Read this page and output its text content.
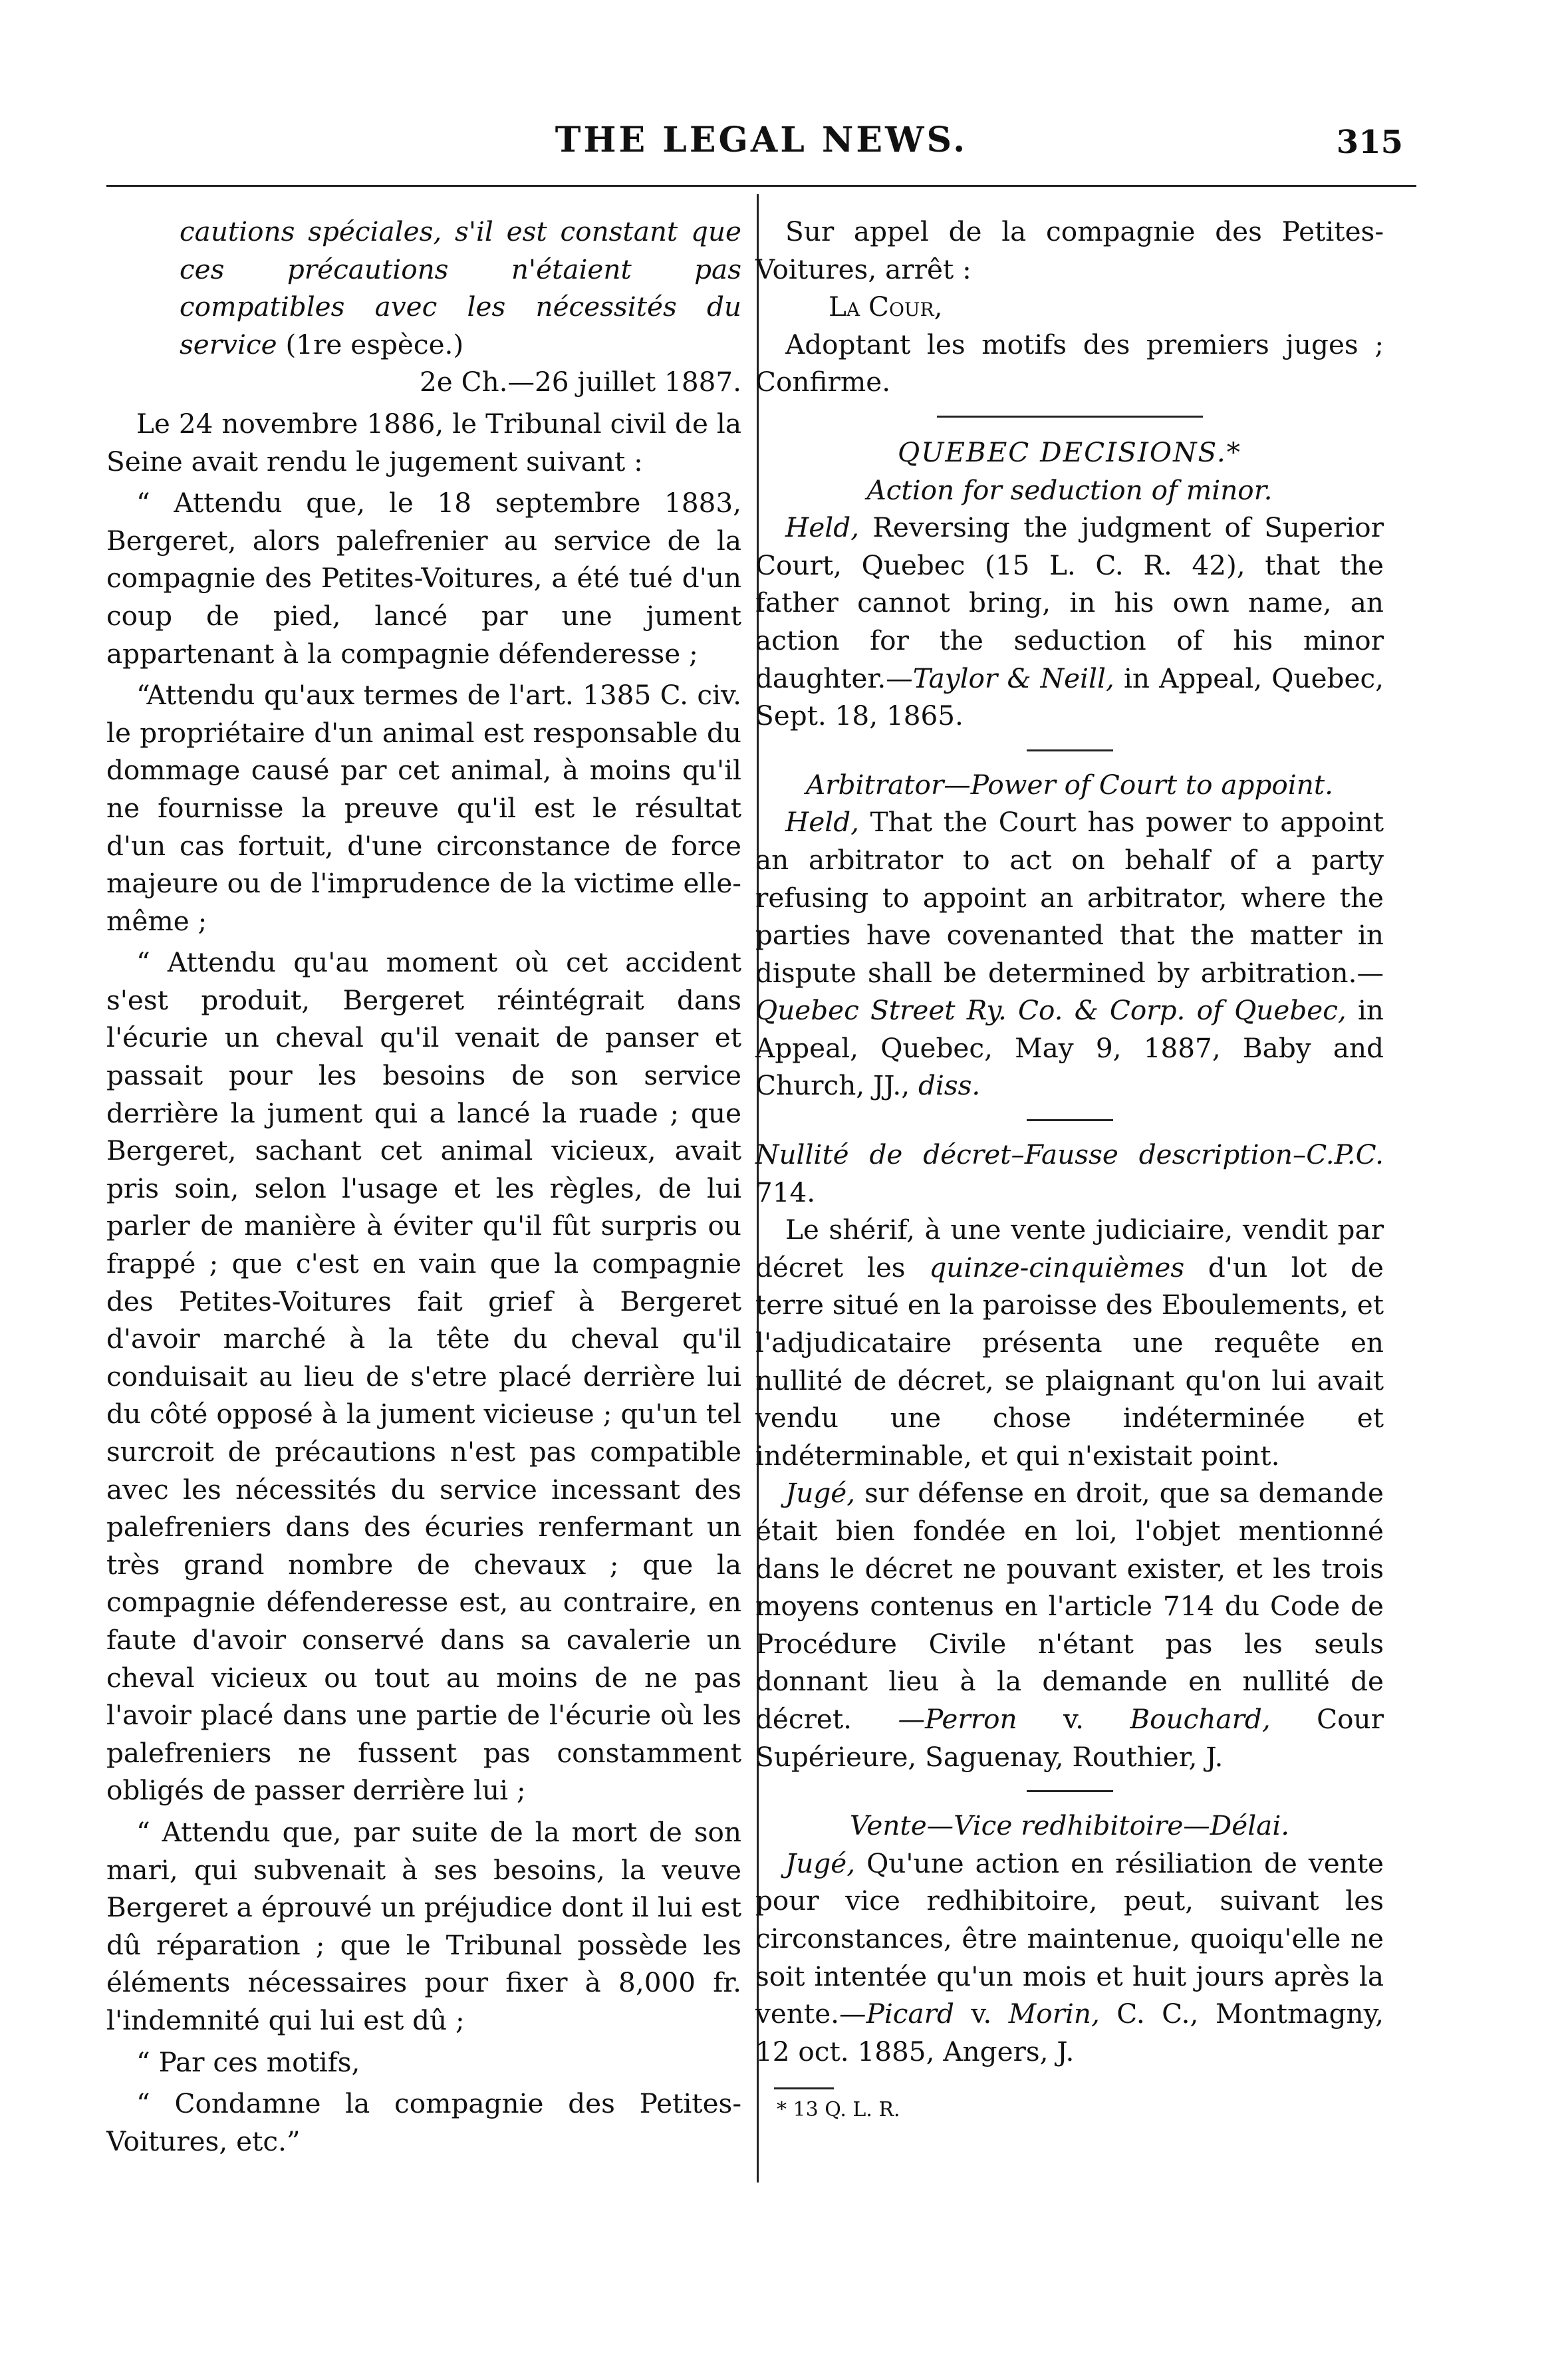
THE LEGAL NEWS.	315

cautions spéciales, s'il est constant que ces précautions n'étaient pas compatibles avec les nécessités du service (1re espèce.)

2e Ch.—26 juillet 1887.

Le 24 novembre 1886, le Tribunal civil de la Seine avait rendu le jugement suivant :

“ Attendu que, le 18 septembre 1883, Bergeret, alors palefrenier au service de la compagnie des Petites-Voitures, a été tué d'un coup de pied, lancé par une jument appartenant à la compagnie défenderesse ;

“Attendu qu'aux termes de l'art. 1385 C. civ. le propriétaire d'un animal est responsable du dommage causé par cet animal, à moins qu'il ne fournisse la preuve qu'il est le résultat d'un cas fortuit, d'une circonstance de force majeure ou de l'imprudence de la victime elle-même ;

“ Attendu qu'au moment où cet accident s'est produit, Bergeret réintégrait dans l'écurie un cheval qu'il venait de panser et passait pour les besoins de son service derrière la jument qui a lancé la ruade ; que Bergeret, sachant cet animal vicieux, avait pris soin, selon l'usage et les règles, de lui parler de manière à éviter qu'il fût surpris ou frappé ; que c'est en vain que la compagnie des Petites-Voitures fait grief à Bergeret d'avoir marché à la tête du cheval qu'il conduisait au lieu de s'etre placé derrière lui du côté opposé à la jument vicieuse ; qu'un tel surcroit de précautions n'est pas compatible avec les nécessités du service incessant des palefreniers dans des écuries renfermant un très grand nombre de chevaux ; que la compagnie défenderesse est, au contraire, en faute d'avoir conservé dans sa cavalerie un cheval vicieux ou tout au moins de ne pas l'avoir placé dans une partie de l'écurie où les palefreniers ne fussent pas constamment obligés de passer derrière lui ;

“ Attendu que, par suite de la mort de son mari, qui subvenait à ses besoins, la veuve Bergeret a éprouvé un préjudice dont il lui est dû réparation ; que le Tribunal possède les éléments nécessaires pour fixer à 8,000 fr. l'indemnité qui lui est dû ;

“ Par ces motifs,

“ Condamne la compagnie des Petites-Voitures, etc.”

Sur appel de la compagnie des Petites-Voitures, arrêt :

La Cour,

Adoptant les motifs des premiers juges ; Confirme.

QUEBEC DECISIONS.*

Action for seduction of minor.

Held, Reversing the judgment of Superior Court, Quebec (15 L. C. R. 42), that the father cannot bring, in his own name, an action for the seduction of his minor daughter.—Taylor & Neill, in Appeal, Quebec, Sept. 18, 1865.

Arbitrator—Power of Court to appoint.

Held, That the Court has power to appoint an arbitrator to act on behalf of a party refusing to appoint an arbitrator, where the parties have covenanted that the matter in dispute shall be determined by arbitration.—Quebec Street Ry. Co. & Corp. of Quebec, in Appeal, Quebec, May 9, 1887, Baby and Church, JJ., diss.

Nullité de décret–Fausse description–C.P.C. 714.

Le shérif, à une vente judiciaire, vendit par décret les quinze-cinquièmes d'un lot de terre situé en la paroisse des Eboulements, et l'adjudicataire présenta une requête en nullité de décret, se plaignant qu'on lui avait vendu une chose indéterminée et indéterminable, et qui n'existait point.

Jugé, sur défense en droit, que sa demande était bien fondée en loi, l'objet mentionné dans le décret ne pouvant exister, et les trois moyens contenus en l'article 714 du Code de Procédure Civile n'étant pas les seuls donnant lieu à la demande en nullité de décret. —Perron v. Bouchard, Cour Supérieure, Saguenay, Routhier, J.

Vente—Vice redhibitoire—Délai.

Jugé, Qu'une action en résiliation de vente pour vice redhibitoire, peut, suivant les circonstances, être maintenue, quoiqu'elle ne soit intentée qu'un mois et huit jours après la vente.—Picard v. Morin, C. C., Montmagny, 12 oct. 1885, Angers, J.

* 13 Q. L. R.
